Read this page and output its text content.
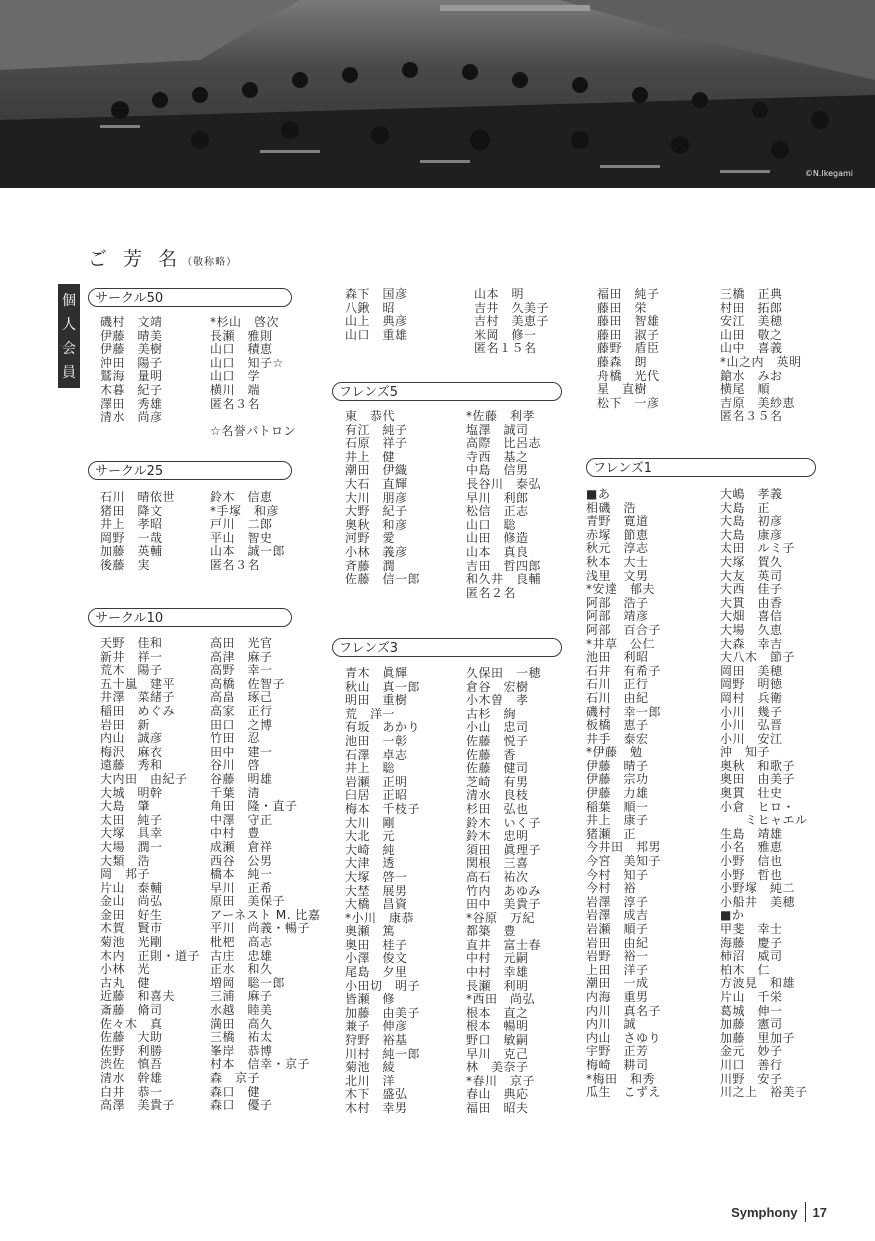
©N.Ikegami
ご 芳 名（敬称略）
個
人
会
員
サークル50
サークル25
サークル10
フレンズ5
フレンズ3
フレンズ1
磯村　文靖
伊藤　晴美
伊藤　美樹
沖田　陽子
鷲海　量明
木暮　紀子
澤田　秀雄
清水　尚彦
*杉山　啓次
長瀬　雅則
山口　積恵
山口　知子☆
山口　学
横川　端
匿名３名
☆名誉パトロン
石川　晴依世
猪田　降文
井上　孝昭
岡野　一哉
加藤　英輔
後藤　実
鈴木　信恵
*手塚　和彦
戸川　二郎
平山　智史
山本　誠一郎
匿名３名
天野　佳和
新井　祥一
荒木　陽子
五十嵐　建平
井澤　菜緒子
稲田　めぐみ
岩田　新
内山　誠彦
梅沢　麻衣
遠藤　秀和
大内田　由紀子
大城　明幹
大島　肇
太田　純子
大塚　具幸
大場　潤一
大類　浩
岡　邦子
片山　泰輔
金山　尚弘
金田　好生
木賀　賢市
菊池　光剛
木内　正則・道子
小林　光
古丸　健
近藤　和喜夫
斎藤　脩司
佐々木　真
佐藤　大助
佐野　利勝
渋佐　慎吾
清水　幹雄
白井　恭一
高澤　美貴子
高田　光官
高津　麻子
高野　幸一
高橋　佐智子
高畠　琢己
高家　正行
田口　之博
竹田　忍
田中　建一
谷川　啓
谷藤　明雄
千葉　清
角田　隆・直子
中澤　守正
中村　豊
成瀬　倉祥
西谷　公男
橋本　純一
早川　正希
原田　美保子
アーネスト M. 比嘉
平川　尚義・暢子
枇杷　高志
古庄　忠雄
正水　和久
増岡　聡一郎
三浦　麻子
水越　睦美
満田　高久
三橋　祐太
峯岸　恭博
村本　信幸・京子
森　京子
森口　健
森口　優子
森下　国彦
八鍬　昭
山上　典彦
山口　重雄
山本　明
吉井　久美子
吉村　美恵子
米岡　修一
匿名１５名
東　恭代
有江　純子
石原　祥子
井上　健
潮田　伊織
大石　直輝
大川　朋彦
大野　紀子
奥秋　和彦
河野　愛
小林　義彦
斉藤　潤
佐藤　信一郎
*佐藤　利孝
塩澤　誠司
高際　比呂志
寺西　基之
中島　信男
長谷川　泰弘
早川　利郎
松信　正志
山口　聡
山田　修造
山本　真良
吉田　哲四郎
和久井　良輔
匿名２名
青木　眞輝
秋山　真一郎
明田　重樹
荒　洋一
有坂　あかり
池田　一彰
石澤　卓志
井上　聡
岩瀬　正明
臼居　正昭
梅本　千枝子
大川　剛
大北　元
大崎　純
大津　透
大塚　啓一
大埜　展男
大橋　昌資
*小川　康恭
奥瀬　篤
奥田　桂子
小澤　俊文
尾島　夕里
小田切　明子
皆瀬　修
加藤　由美子
兼子　伸彦
狩野　裕基
川村　純一郎
菊池　綾
北川　洋
木下　盛弘
木村　幸男
久保田　一穂
倉谷　宏樹
小木曽　孝
古杉　絢
小山　忠司
佐藤　悦子
佐藤　香
佐藤　健司
芝崎　有男
清水　良枝
杉田　弘也
鈴木　いく子
鈴木　忠明
須田　眞理子
関根　三喜
高石　祐次
竹内　あゆみ
田中　美貴子
*谷原　万紀
都築　豊
直井　富士春
中村　元嗣
中村　幸雄
長瀬　利明
*西田　尚弘
根本　直之
根本　暢明
野口　敏嗣
早川　克己
林　美奈子
*春川　京子
春山　典応
福田　昭夫
福田　純子
藤田　栄
藤田　智雄
藤田　淑子
藤野　盾臣
藤森　朗
舟橋　光代
星　直樹
松下　一彦
三橋　正典
村田　拓郎
安江　美穂
山田　敬之
山中　喜義
*山之内　英明
鎗水　みお
横尾　順
吉原　美紗恵
匿名３５名
■あ
相磯　浩
青野　寛道
赤塚　節恵
秋元　淳志
秋本　大士
浅里　文男
*安達　郁夫
阿部　浩子
阿部　靖彦
阿部　百合子
*井草　公仁
池田　利昭
石井　有希子
石川　正行
石川　由紀
磯村　幸一郎
板橋　恵子
井手　泰宏
*伊藤　勉
伊藤　晴子
伊藤　宗功
伊藤　力雄
稲葉　順一
井上　康子
猪瀬　正
今井田　邦男
今宮　美知子
今村　知子
今村　裕
岩澤　淳子
岩澤　成吉
岩瀬　順子
岩田　由紀
岩野　裕一
上田　洋子
潮田　一成
内海　重男
内川　真名子
内川　誠
内山　さゆり
宇野　正芳
梅崎　耕司
*梅田　和秀
瓜生　こずえ
大嶋　孝義
大島　正
大島　初彦
大島　康彦
太田　ルミ子
大塚　賀久
大友　英司
大西　佳子
大貫　由香
大畑　喜信
大場　久恵
大森　幸吉
大八木　節子
岡田　美穂
岡野　明徳
岡村　兵衛
小川　幾子
小川　弘晋
小川　安江
沖　知子
奥秋　和歌子
奥田　由美子
奥貫　壮史
小倉　ヒロ・
　　ミヒャエル
生島　靖雄
小名　雅恵
小野　信也
小野　哲也
小野塚　純二
小船井　美穂
■か
甲斐　幸士
海藤　慶子
柿沼　威司
柏木　仁
方波見　和雄
片山　千栄
葛城　伸一
加藤　憲司
加藤　里加子
金元　妙子
川口　善行
川野　安子
川之上　裕美子
Symphony 17
